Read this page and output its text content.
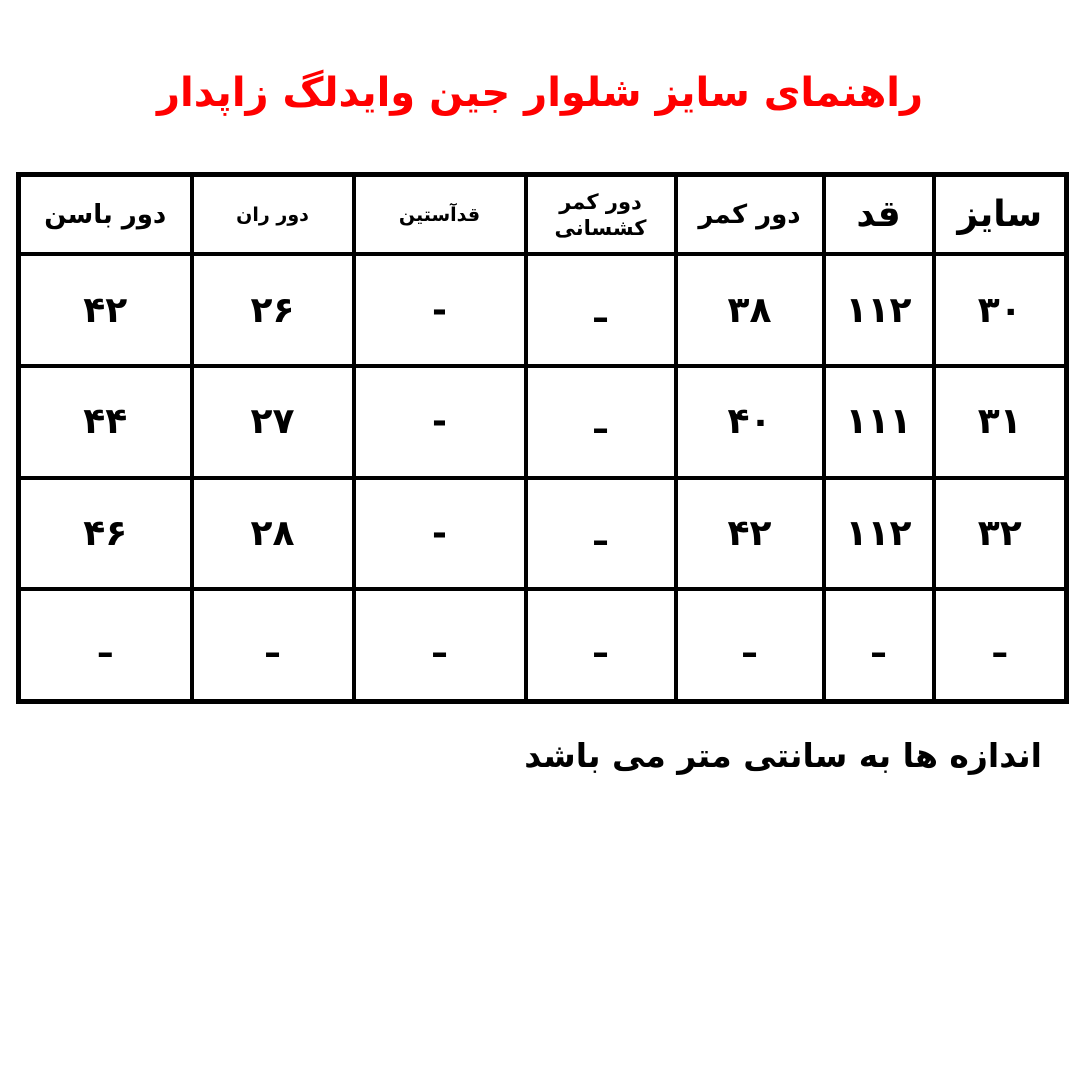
راهنمای سایز شلوار جین وایدلگ زاپدار
سایز	قد	دور کمر	دور کمر کشسانی	قدآستین	دور ران	دور باسن
۳۰	۱۱۲	۳۸	ـ	-	۲۶	۴۲
۳۱	۱۱۱	۴۰	ـ	-	۲۷	۴۴
۳۲	۱۱۲	۴۲	ـ	-	۲۸	۴۶
ـ	ـ	ـ	ـ	ـ	ـ	ـ
اندازه ها به سانتی متر می باشد
